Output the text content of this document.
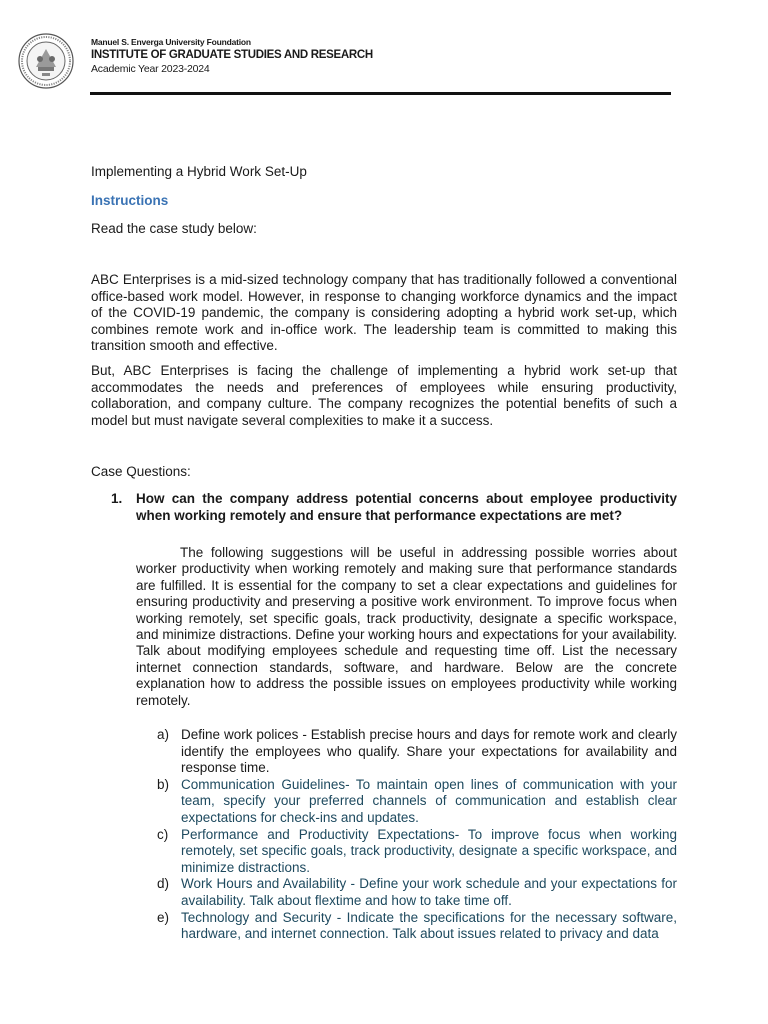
Manuel S. Enverga University Foundation
INSTITUTE OF GRADUATE STUDIES AND RESEARCH
Academic Year 2023-2024
Implementing a Hybrid Work Set-Up
Instructions
Read the case study below:

ABC Enterprises is a mid-sized technology company that has traditionally followed a conventional office-based work model. However, in response to changing workforce dynamics and the impact of the COVID-19 pandemic, the company is considering adopting a hybrid work set-up, which combines remote work and in-office work. The leadership team is committed to making this transition smooth and effective.

But, ABC Enterprises is facing the challenge of implementing a hybrid work set-up that accommodates the needs and preferences of employees while ensuring productivity, collaboration, and company culture. The company recognizes the potential benefits of such a model but must navigate several complexities to make it a success.

Case Questions:
1. How can the company address potential concerns about employee productivity when working remotely and ensure that performance expectations are met?

The following suggestions will be useful in addressing possible worries about worker productivity when working remotely and making sure that performance standards are fulfilled. It is essential for the company to set a clear expectations and guidelines for ensuring productivity and preserving a positive work environment. To improve focus when working remotely, set specific goals, track productivity, designate a specific workspace, and minimize distractions. Define your working hours and expectations for your availability. Talk about modifying employees schedule and requesting time off. List the necessary internet connection standards, software, and hardware. Below are the concrete explanation how to address the possible issues on employees productivity while working remotely.

a) Define work polices - Establish precise hours and days for remote work and clearly identify the employees who qualify. Share your expectations for availability and response time.
b) Communication Guidelines- To maintain open lines of communication with your team, specify your preferred channels of communication and establish clear expectations for check-ins and updates.
c) Performance and Productivity Expectations- To improve focus when working remotely, set specific goals, track productivity, designate a specific workspace, and minimize distractions.
d) Work Hours and Availability - Define your work schedule and your expectations for availability. Talk about flextime and how to take time off.
e) Technology and Security - Indicate the specifications for the necessary software, hardware, and internet connection. Talk about issues related to privacy and data
